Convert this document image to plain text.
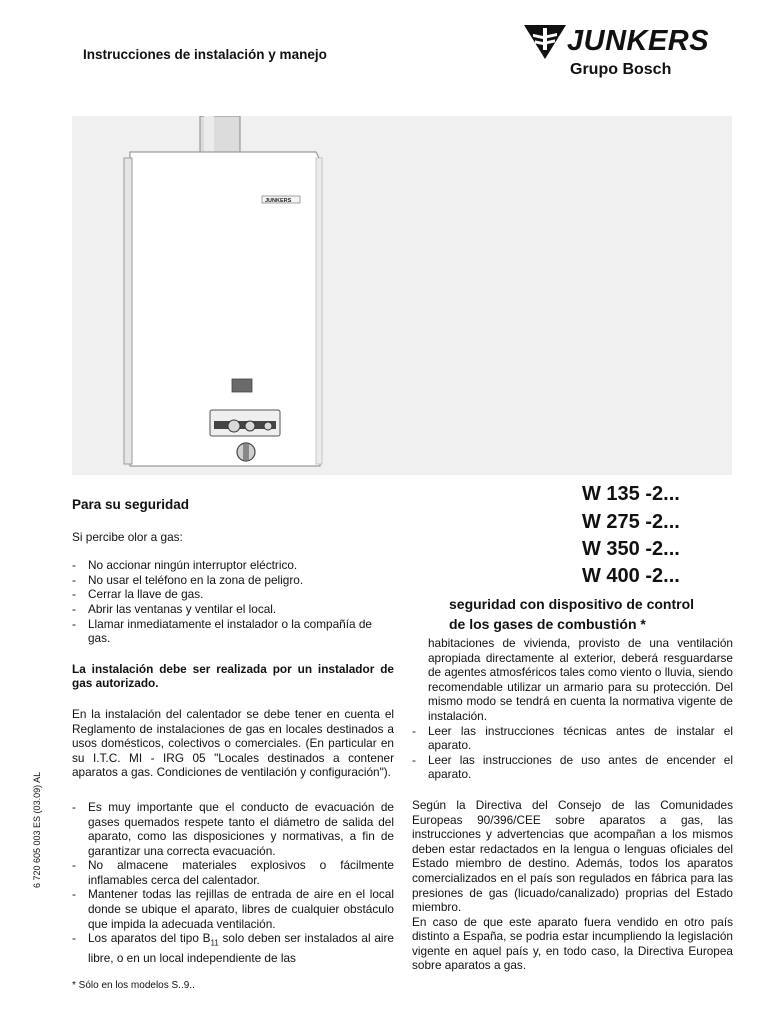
Instrucciones de instalación y manejo	JUNKERS
Grupo Bosch
JUNKERS
6 720 605 003 ES (03.09) AL
W 135 -2...
W 275 -2...
W 350 -2...
W 400 -2...
seguridad con dispositivo de control
de los gases de combustión *

Para su seguridad

Si percibe olor a gas:

- No accionar ningún interruptor eléctrico.
- No usar el teléfono en la zona de peligro.
- Cerrar la llave de gas.
- Abrir las ventanas y ventilar el local.
- Llamar inmediatamente el instalador o la compañía de gas.

La instalación debe ser realizada por un instalador de gas autorizado.

En la instalación del calentador se debe tener en cuenta el Reglamento de instalaciones de gas en locales destinados a usos domésticos, colectivos o comerciales. (En particular en su I.T.C. MI - IRG 05 "Locales destinados a contener aparatos a gas. Condiciones de ventilación y configuración").

- Es muy importante que el conducto de evacuación de gases quemados respete tanto el diámetro de salida del aparato, como las disposiciones y normativas, a fin de garantizar una correcta evacuación.
- No almacene materiales explosivos o fácilmente inflamables cerca del calentador.
- Mantener todas las rejillas de entrada de aire en el local donde se ubique el aparato, libres de cualquier obstáculo que impida la adecuada ventilación.
- Los aparatos del tipo $B_{11}$ solo deben ser instalados al aire libre, o en un local independiente de las

habitaciones de vivienda, provisto de una ventilación apropiada directamente al exterior, deberá resguardarse de agentes atmosféricos tales como viento o lluvia, siendo recomendable utilizar un armario para su protección. Del mismo modo se tendrá en cuenta la normativa vigente de instalación.

- Leer las instrucciones técnicas antes de instalar el aparato.
- Leer las instrucciones de uso antes de encender el aparato.

Según la Directiva del Consejo de las Comunidades Europeas 90/396/CEE sobre aparatos a gas, las instrucciones y advertencias que acompañan a los mismos deben estar redactados en la lengua o lenguas oficiales del Estado miembro de destino. Además, todos los aparatos comercializados en el país son regulados en fábrica para las presiones de gas (licuado/canalizado) proprias del Estado miembro.

En caso de que este aparato fuera vendido en otro país distinto a España, se podria estar incumpliendo la legislación vigente en aquel país y, en todo caso, la Directiva Europea sobre aparatos a gas.

* Sólo en los modelos S..9..
